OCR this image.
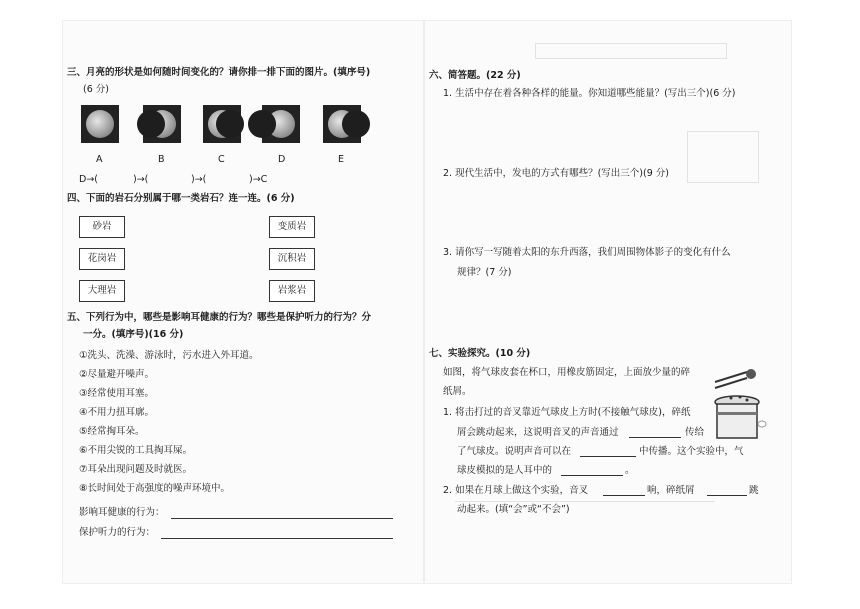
三、月亮的形状是如何随时间变化的？请你排一排下面的图片。(填序号)
(6 分)
A	B	C	D	E
D→(	)→(	)→(	)→C
四、下面的岩石分别属于哪一类岩石？连一连。(6 分)
砂岩
花岗岩
大理岩
变质岩
沉积岩
岩浆岩
五、下列行为中，哪些是影响耳健康的行为？哪些是保护听力的行为？分
一分。(填序号)(16 分)
①洗头、洗澡、游泳时，污水进入外耳道。
②尽量避开噪声。
③经常使用耳塞。
④不用力扭耳廓。
⑤经常掏耳朵。
⑥不用尖锐的工具掏耳屎。
⑦耳朵出现问题及时就医。
⑧长时间处于高强度的噪声环境中。
影响耳健康的行为：
保护听力的行为：
六、简答题。(22 分)
1. 生活中存在着各种各样的能量。你知道哪些能量？(写出三个)(6 分)
2. 现代生活中，发电的方式有哪些？(写出三个)(9 分)
3. 请你写一写随着太阳的东升西落，我们周围物体影子的变化有什么
规律？(7 分)
七、实验探究。(10 分)
如图，将气球皮套在杯口，用橡皮筋固定，上面放少量的碎
纸屑。
1. 将击打过的音叉靠近气球皮上方时(不接触气球皮)，碎纸
屑会跳动起来，这说明音叉的声音通过	传给
了气球皮。说明声音可以在	中传播。这个实验中，气
球皮模拟的是人耳中的	。
2. 如果在月球上做这个实验，音叉	响，碎纸屑	跳
动起来。(填“会”或“不会”)
